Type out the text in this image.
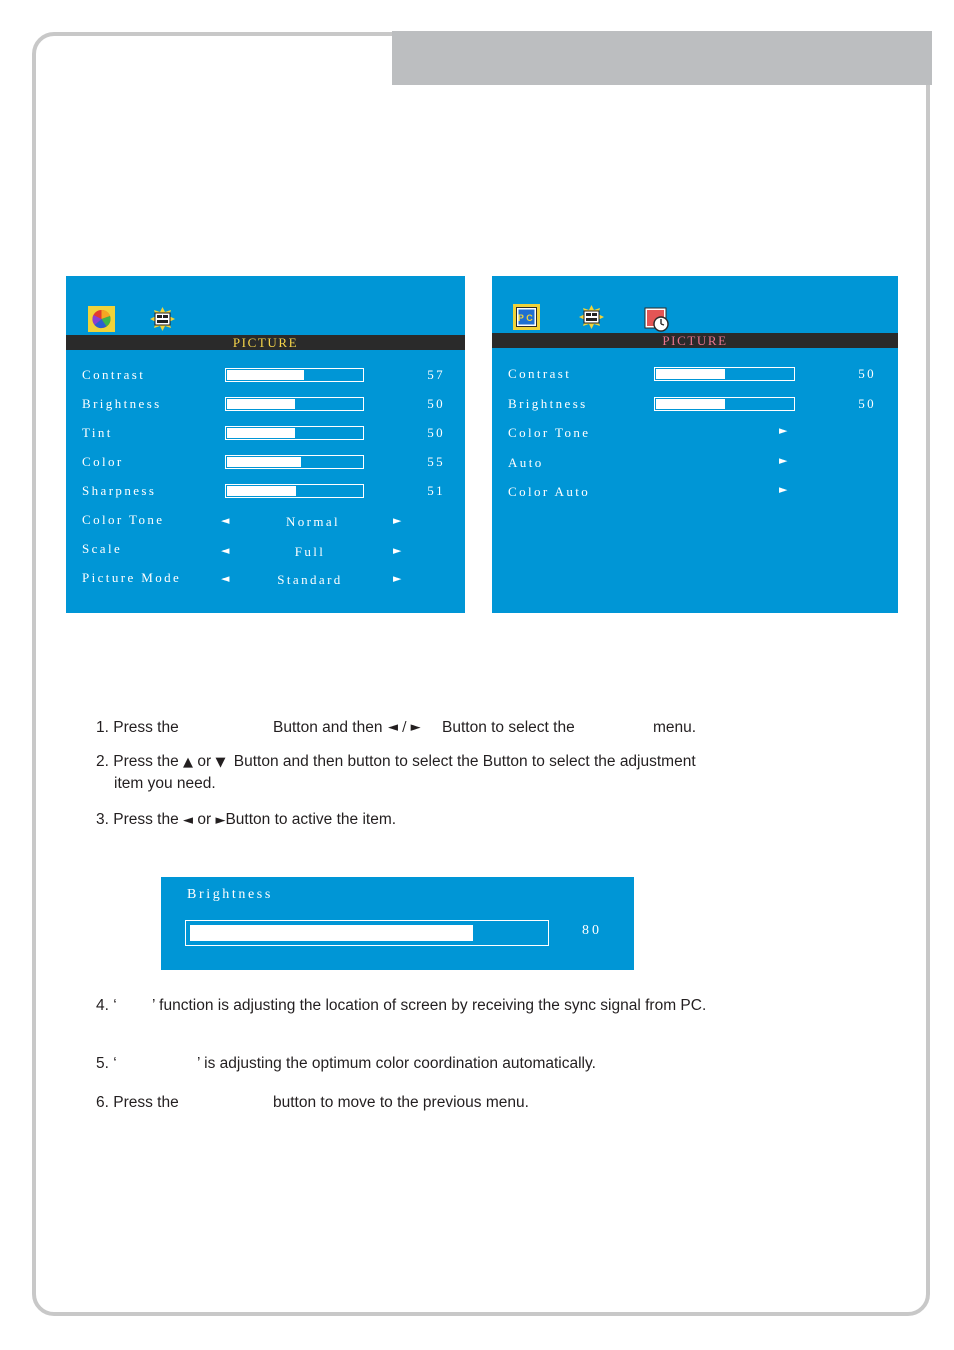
PICTURE
Contrast	57
Brightness	50
Tint	50
Color	55
Sharpness	51
Color Tone	◄	Normal	►
Scale	◄	Full	►
Picture Mode	◄	Standard	►
PC
PICTURE
Contrast	50
Brightness	50
Color Tone	►
Auto	►
Color Auto	►
1. Press the	Button and then ◄ / ► Button to select the	menu.
2. Press the ▲ or ▼ Button and then button to select the Button to select the adjustment
item you need.
3. Press the ◄ or ►Button to active the item.
Brightness
80
4. ‘ ’ function is adjusting the location of screen by receiving the sync signal from PC.
5. ‘	’ is adjusting the optimum color coordination automatically.
6. Press the	button to move to the previous menu.
